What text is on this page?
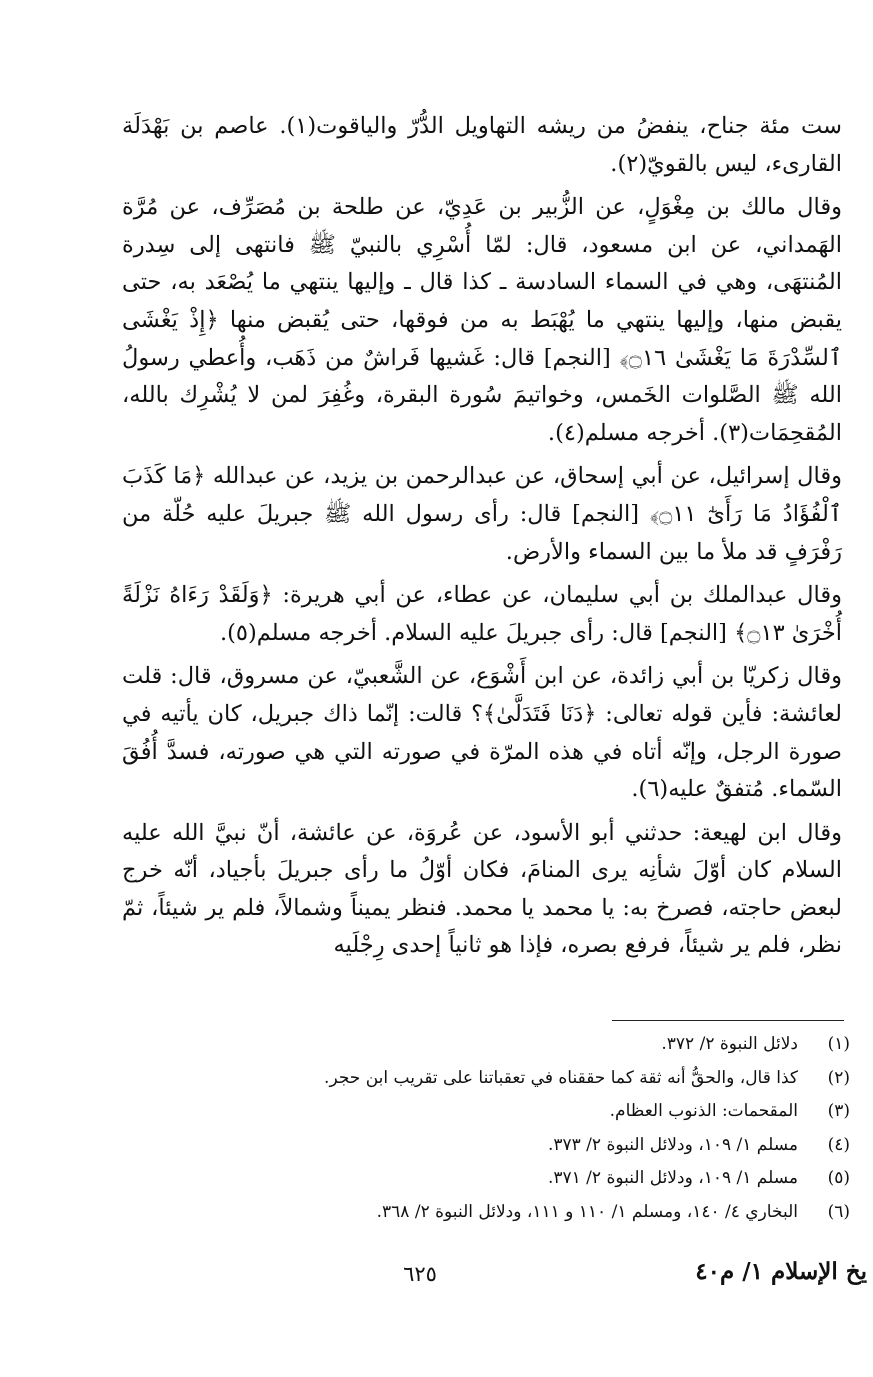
ست مئة جناح، ينفضُ من ريشه التهاويل الدُّرّ والياقوت(١). عاصم بن بَهْدَلَة القارىء، ليس بالقويّ(٢).

وقال مالك بن مِغْوَلٍ، عن الزُّبير بن عَدِيّ، عن طلحة بن مُصَرِّف، عن مُرَّة الهَمداني، عن ابن مسعود، قال: لمّا أُسْرِي بالنبيّ ﷺ فانتهى إلى سِدرة المُنتهَى، وهي في السماء السادسة ـ كذا قال ـ وإليها ينتهي ما يُصْعَد به، حتى يقبض منها، وإليها ينتهي ما يُهْبَط به من فوقها، حتى يُقبض منها ﴿إِذْ يَغْشَى ٱلسِّدْرَةَ مَا يَغْشَىٰ ۝١٦﴾ [النجم] قال: غَشيها فَراشٌ من ذَهَب، وأُعطي رسولُ الله ﷺ الصَّلوات الخَمس، وخواتيمَ سُورة البقرة، وغُفِرَ لمن لا يُشْرِك بالله، المُقحِمَات(٣). أخرجه مسلم(٤).

وقال إسرائيل، عن أبي إسحاق، عن عبدالرحمن بن يزيد، عن عبدالله ﴿مَا كَذَبَ ٱلْفُؤَادُ مَا رَأَىٰٓ ۝١١﴾ [النجم] قال: رأى رسول الله ﷺ جبريلَ عليه حُلّة من رَفْرَفٍ قد ملأ ما بين السماء والأرض.

وقال عبدالملك بن أبي سليمان، عن عطاء، عن أبي هريرة: ﴿وَلَقَدْ رَءَاهُ نَزْلَةً أُخْرَىٰ ۝١٣﴾ [النجم] قال: رأى جبريلَ عليه السلام. أخرجه مسلم(٥).

وقال زكريّا بن أبي زائدة، عن ابن أَشْوَع، عن الشَّعبيّ، عن مسروق، قال: قلت لعائشة: فأين قوله تعالى: ﴿دَنَا فَتَدَلَّىٰ﴾؟ قالت: إنّما ذاك جبريل، كان يأتيه في صورة الرجل، وإنّه أتاه في هذه المرّة في صورته التي هي صورته، فسدَّ أُفُقَ السّماء. مُتفقٌ عليه(٦).

وقال ابن لهيعة: حدثني أبو الأسود، عن عُروَة، عن عائشة، أنّ نبيَّ الله عليه السلام كان أوّلَ شأنِه يرى المنامَ، فكان أوّلُ ما رأى جبريلَ بأجياد، أنّه خرج لبعض حاجته، فصرخ به: يا محمد يا محمد. فنظر يميناً وشمالاً، فلم ير شيئاً، ثمّ نظر، فلم ير شيئاً، فرفع بصره، فإذا هو ثانياً إحدى رِجْلَيه

(١)
دلائل النبوة ٢/ ٣٧٢.
(٢)
كذا قال، والحقُّ أنه ثقة كما حققناه في تعقباتنا على تقريب ابن حجر.
(٣)
المقحمات: الذنوب العظام.
(٤)
مسلم ١/ ١٠٩، ودلائل النبوة ٢/ ٣٧٣.
(٥)
مسلم ١/ ١٠٩، ودلائل النبوة ٢/ ٣٧١.
(٦)
البخاري ٤/ ١٤٠، ومسلم ١/ ١١٠ و ١١١، ودلائل النبوة ٢/ ٣٦٨.
٦٢٥	يخ الإسلام ١/ م٤٠
